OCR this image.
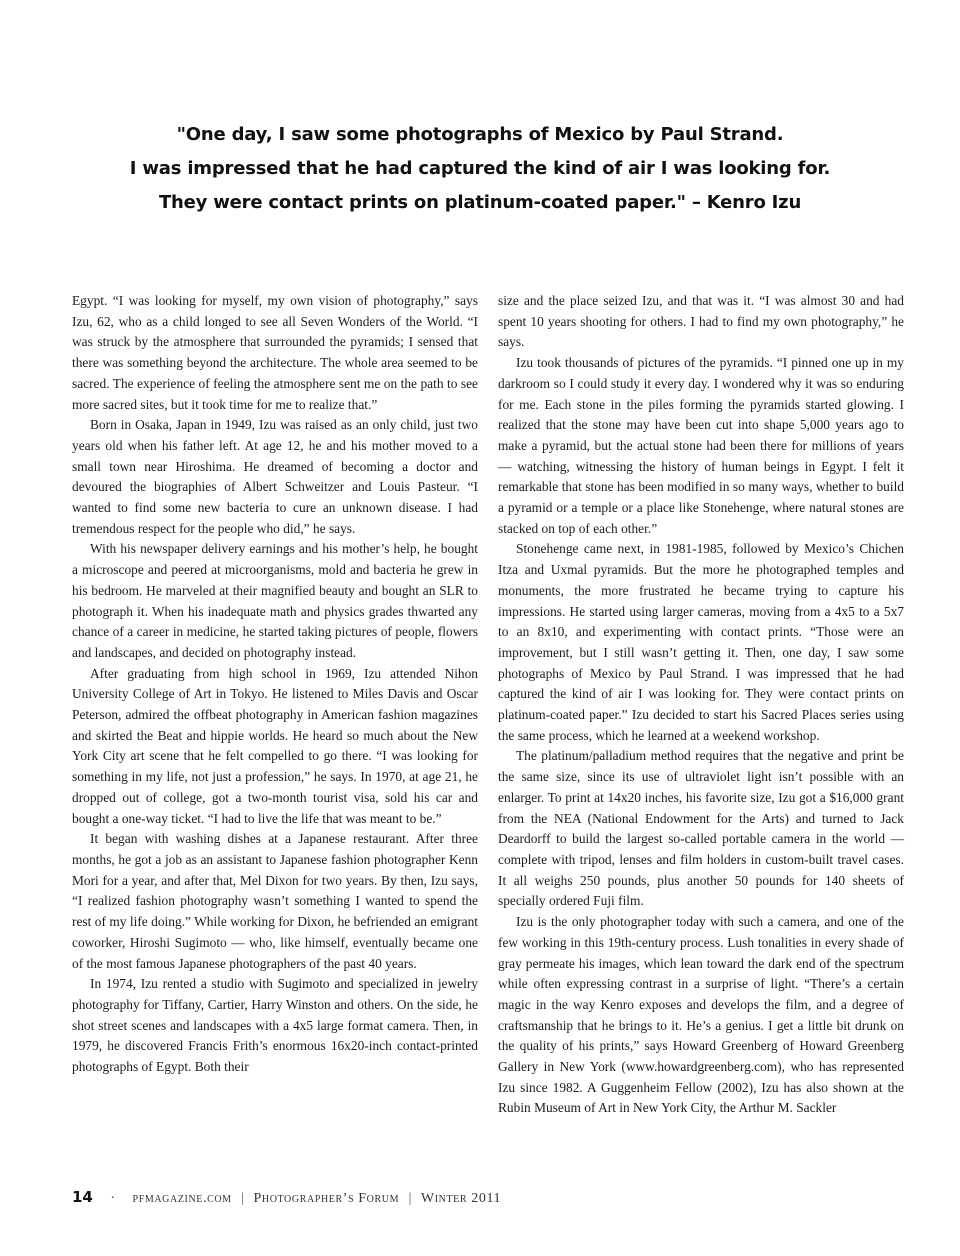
"One day, I saw some photographs of Mexico by Paul Strand.

I was impressed that he had captured the kind of air I was looking for.

They were contact prints on platinum-coated paper." – Kenro Izu

Egypt. “I was looking for myself, my own vision of photography,” says Izu, 62, who as a child longed to see all Seven Wonders of the World. “I was struck by the atmosphere that surrounded the pyramids; I sensed that there was something beyond the architecture. The whole area seemed to be sacred. The experience of feeling the atmosphere sent me on the path to see more sacred sites, but it took time for me to realize that.”

Born in Osaka, Japan in 1949, Izu was raised as an only child, just two years old when his father left. At age 12, he and his mother moved to a small town near Hiroshima. He dreamed of becoming a doctor and devoured the biographies of Albert Schweitzer and Louis Pasteur. “I wanted to find some new bacteria to cure an unknown disease. I had tremendous respect for the people who did,” he says.

With his newspaper delivery earnings and his mother’s help, he bought a microscope and peered at microorganisms, mold and bacteria he grew in his bedroom. He marveled at their magnified beauty and bought an SLR to photograph it. When his inadequate math and physics grades thwarted any chance of a career in medicine, he started taking pictures of people, flowers and landscapes, and decided on photography instead.

After graduating from high school in 1969, Izu attended Nihon University College of Art in Tokyo. He listened to Miles Davis and Oscar Peterson, admired the offbeat photography in American fashion magazines and skirted the Beat and hippie worlds. He heard so much about the New York City art scene that he felt compelled to go there. “I was looking for something in my life, not just a profession,” he says. In 1970, at age 21, he dropped out of college, got a two-month tourist visa, sold his car and bought a one-way ticket. “I had to live the life that was meant to be.”

It began with washing dishes at a Japanese restaurant. After three months, he got a job as an assistant to Japanese fashion photographer Kenn Mori for a year, and after that, Mel Dixon for two years. By then, Izu says, “I realized fashion photography wasn’t something I wanted to spend the rest of my life doing.” While working for Dixon, he befriended an emigrant coworker, Hiroshi Sugimoto — who, like himself, eventually became one of the most famous Japanese photographers of the past 40 years.

In 1974, Izu rented a studio with Sugimoto and specialized in jewelry photography for Tiffany, Cartier, Harry Winston and others. On the side, he shot street scenes and landscapes with a 4x5 large format camera. Then, in 1979, he discovered Francis Frith’s enormous 16x20-inch contact-printed photographs of Egypt. Both their

size and the place seized Izu, and that was it. “I was almost 30 and had spent 10 years shooting for others. I had to find my own photography,” he says.

Izu took thousands of pictures of the pyramids. “I pinned one up in my darkroom so I could study it every day. I wondered why it was so enduring for me. Each stone in the piles forming the pyramids started glowing. I realized that the stone may have been cut into shape 5,000 years ago to make a pyramid, but the actual stone had been there for millions of years — watching, witnessing the history of human beings in Egypt. I felt it remarkable that stone has been modified in so many ways, whether to build a pyramid or a temple or a place like Stonehenge, where natural stones are stacked on top of each other.”

Stonehenge came next, in 1981-1985, followed by Mexico’s Chichen Itza and Uxmal pyramids. But the more he photographed temples and monuments, the more frustrated he became trying to capture his impressions. He started using larger cameras, moving from a 4x5 to a 5x7 to an 8x10, and experimenting with contact prints. “Those were an improvement, but I still wasn’t getting it. Then, one day, I saw some photographs of Mexico by Paul Strand. I was impressed that he had captured the kind of air I was looking for. They were contact prints on platinum-coated paper.” Izu decided to start his Sacred Places series using the same process, which he learned at a weekend workshop.

The platinum/palladium method requires that the negative and print be the same size, since its use of ultraviolet light isn’t possible with an enlarger. To print at 14x20 inches, his favorite size, Izu got a $16,000 grant from the NEA (National Endowment for the Arts) and turned to Jack Deardorff to build the largest so-called portable camera in the world — complete with tripod, lenses and film holders in custom-built travel cases. It all weighs 250 pounds, plus another 50 pounds for 140 sheets of specially ordered Fuji film.

Izu is the only photographer today with such a camera, and one of the few working in this 19th-century process. Lush tonalities in every shade of gray permeate his images, which lean toward the dark end of the spectrum while often expressing contrast in a surprise of light. “There’s a certain magic in the way Kenro exposes and develops the film, and a degree of craftsmanship that he brings to it. He’s a genius. I get a little bit drunk on the quality of his prints,” says Howard Greenberg of Howard Greenberg Gallery in New York (www.howardgreenberg.com), who has represented Izu since 1982. A Guggenheim Fellow (2002), Izu has also shown at the Rubin Museum of Art in New York City, the Arthur M. Sackler

14 · pfmagazine.com | Photographer’s Forum | Winter 2011
